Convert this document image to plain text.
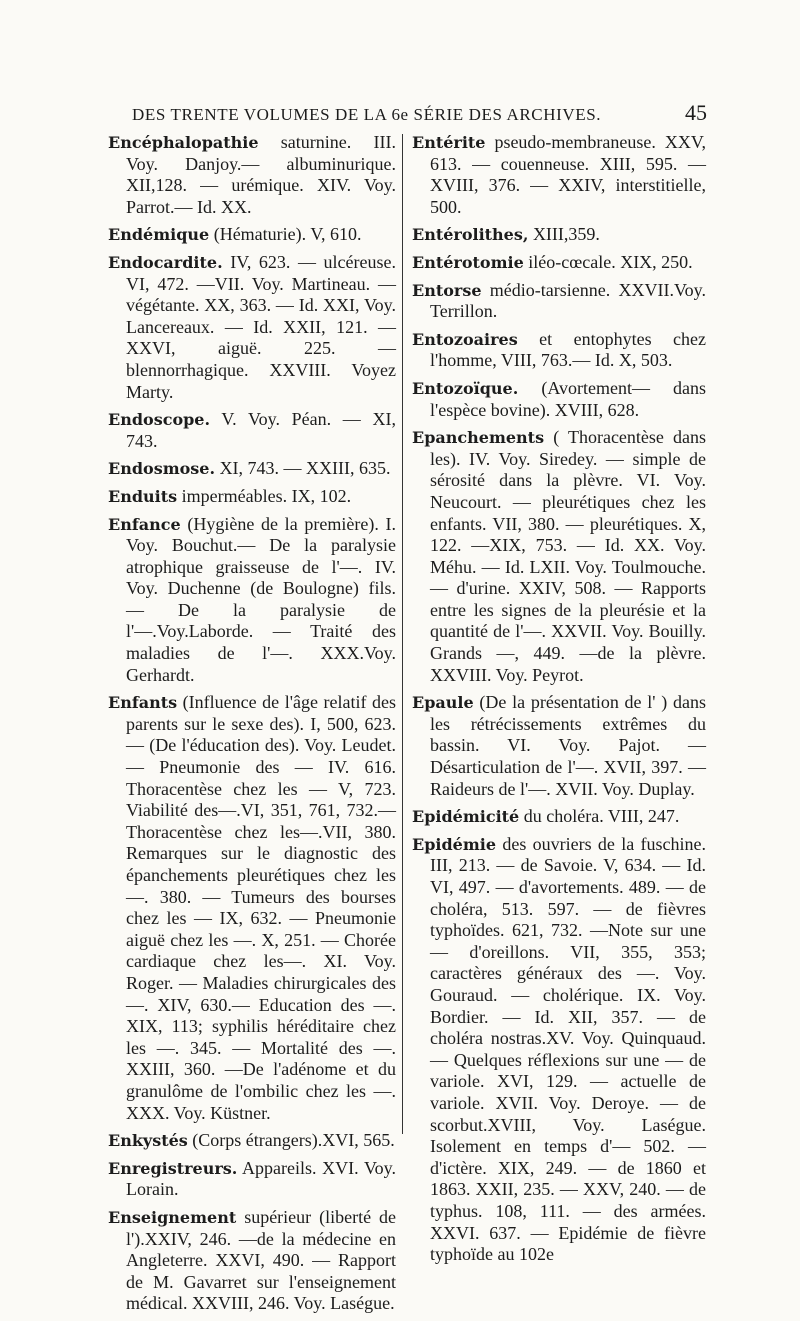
DES TRENTE VOLUMES DE LA 6e SÉRIE DES ARCHIVES.	45

Encéphalopathie saturnine. III. Voy. Danjoy.— albuminurique. XII,128. — urémique. XIV. Voy. Parrot.— Id. XX.

Endémique (Hématurie). V, 610.

Endocardite. IV, 623. — ulcéreuse. VI, 472. —VII. Voy. Martineau. — végétante. XX, 363. — Id. XXI, Voy. Lancereaux. — Id. XXII, 121. — XXVI, aiguë. 225. — blennorrhagique. XXVIII. Voyez Marty.

Endoscope. V. Voy. Péan. — XI, 743.

Endosmose. XI, 743. — XXIII, 635.

Enduits imperméables. IX, 102.

Enfance (Hygiène de la première). I. Voy. Bouchut.— De la paralysie atrophique graisseuse de l'—. IV. Voy. Duchenne (de Boulogne) fils. — De la paralysie de l'—.Voy.Laborde. — Traité des maladies de l'—. XXX.Voy. Gerhardt.

Enfants (Influence de l'âge relatif des parents sur le sexe des). I, 500, 623. — (De l'éducation des). Voy. Leudet. — Pneumonie des — IV. 616. Thoracentèse chez les — V, 723. Viabilité des—.VI, 351, 761, 732.— Thoracentèse chez les—.VII, 380. Remarques sur le diagnostic des épanchements pleurétiques chez les —. 380. — Tumeurs des bourses chez les — IX, 632. — Pneumonie aiguë chez les —. X, 251. — Chorée cardiaque chez les—. XI. Voy. Roger. — Maladies chirurgicales des —. XIV, 630.— Education des —. XIX, 113; syphilis héréditaire chez les —. 345. — Mortalité des —. XXIII, 360. —De l'adénome et du granulôme de l'ombilic chez les —. XXX. Voy. Küstner.

Enkystés (Corps étrangers).XVI, 565.

Enregistreurs. Appareils. XVI. Voy. Lorain.

Enseignement supérieur (liberté de l').XXIV, 246. —de la médecine en Angleterre. XXVI, 490. — Rapport de M. Gavarret sur l'enseignement médical. XXVIII, 246. Voy. Laségue.

Entérite pseudo-membraneuse. XXV, 613. — couenneuse. XIII, 595. — XVIII, 376. — XXIV, interstitielle, 500.

Entérolithes, XIII,359.

Entérotomie iléo-cœcale. XIX, 250.

Entorse médio-tarsienne. XXVII.Voy. Terrillon.

Entozoaires et entophytes chez l'homme, VIII, 763.— Id. X, 503.

Entozoïque. (Avortement— dans l'espèce bovine). XVIII, 628.

Epanchements ( Thoracentèse dans les). IV. Voy. Siredey. — simple de sérosité dans la plèvre. VI. Voy. Neucourt. — pleurétiques chez les enfants. VII, 380. — pleurétiques. X, 122. —XIX, 753. — Id. XX. Voy. Méhu. — Id. LXII. Voy. Toulmouche. — d'urine. XXIV, 508. — Rapports entre les signes de la pleurésie et la quantité de l'—. XXVII. Voy. Bouilly. Grands —, 449. —de la plèvre. XXVIII. Voy. Peyrot.

Epaule (De la présentation de l' ) dans les rétrécissements extrêmes du bassin. VI. Voy. Pajot. — Désarticulation de l'—. XVII, 397. — Raideurs de l'—. XVII. Voy. Duplay.

Epidémicité du choléra. VIII, 247.

Epidémie des ouvriers de la fuschine. III, 213. — de Savoie. V, 634. — Id. VI, 497. — d'avortements. 489. — de choléra, 513. 597. — de fièvres typhoïdes. 621, 732. —Note sur une— d'oreillons. VII, 355, 353; caractères généraux des —. Voy. Gouraud. — cholérique. IX. Voy. Bordier. — Id. XII, 357. — de choléra nostras.XV. Voy. Quinquaud. — Quelques réflexions sur une — de variole. XVI, 129. — actuelle de variole. XVII. Voy. Deroye. — de scorbut.XVIII, Voy. Laségue. Isolement en temps d'— 502. — d'ictère. XIX, 249. — de 1860 et 1863. XXII, 235. — XXV, 240. — de typhus. 108, 111. — des armées. XXVI. 637. — Epidémie de fièvre typhoïde au 102e
